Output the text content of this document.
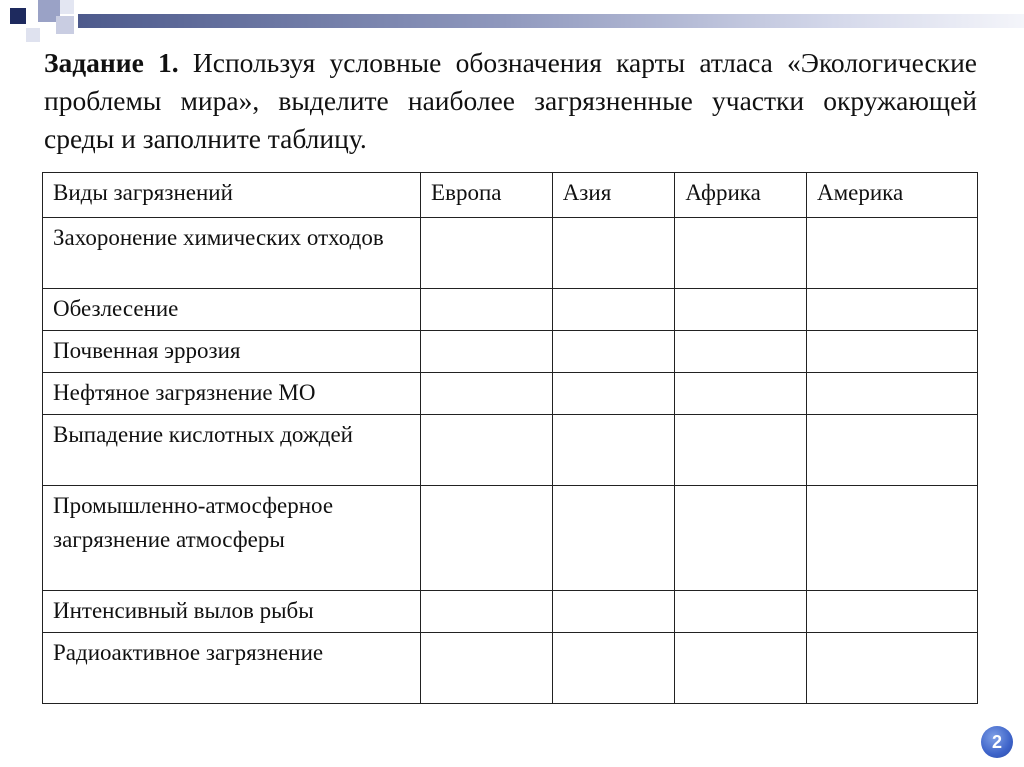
Задание 1. Используя условные обозначения карты атласа «Экологические проблемы мира», выделите наиболее загрязненные участки окружающей среды и заполните таблицу.

Виды загрязнений	Европа	Азия	Африка	Америка
Захоронение химических отходов				
Обезлесение				
Почвенная эррозия				
Нефтяное загрязнение МО				
Выпадение кислотных дождей				
Промышленно-атмосферное загрязнение атмосферы				
Интенсивный вылов рыбы				
Радиоактивное загрязнение				
2
